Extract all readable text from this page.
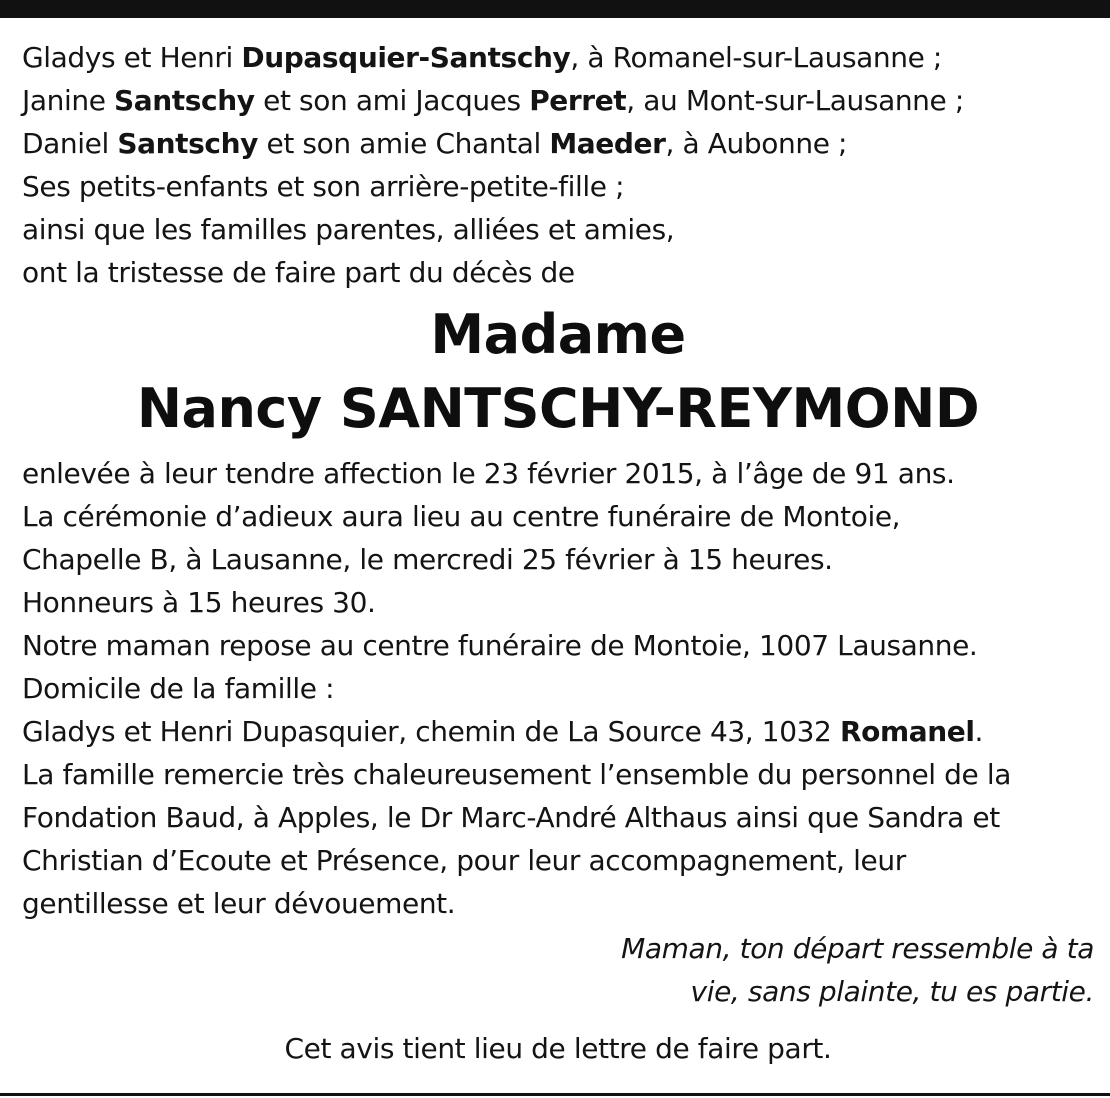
Gladys et Henri Dupasquier-Santschy, à Romanel-sur-Lausanne ;
Janine Santschy et son ami Jacques Perret, au Mont-sur-Lausanne ;
Daniel Santschy et son amie Chantal Maeder, à Aubonne ;
Ses petits-enfants et son arrière-petite-fille ;
ainsi que les familles parentes, alliées et amies,
ont la tristesse de faire part du décès de
Madame
Nancy SANTSCHY-REYMOND
enlevée à leur tendre affection le 23 février 2015, à l’âge de 91 ans.
La cérémonie d’adieux aura lieu au centre funéraire de Montoie,
Chapelle B, à Lausanne, le mercredi 25 février à 15 heures.
Honneurs à 15 heures 30.
Notre maman repose au centre funéraire de Montoie, 1007 Lausanne.
Domicile de la famille :
Gladys et Henri Dupasquier, chemin de La Source 43, 1032 Romanel.
La famille remercie très chaleureusement l’ensemble du personnel de la
Fondation Baud, à Apples, le Dr Marc-André Althaus ainsi que Sandra et
Christian d’Ecoute et Présence, pour leur accompagnement, leur
gentillesse et leur dévouement.
Maman, ton départ ressemble à ta
vie, sans plainte, tu es partie.
Cet avis tient lieu de lettre de faire part.
